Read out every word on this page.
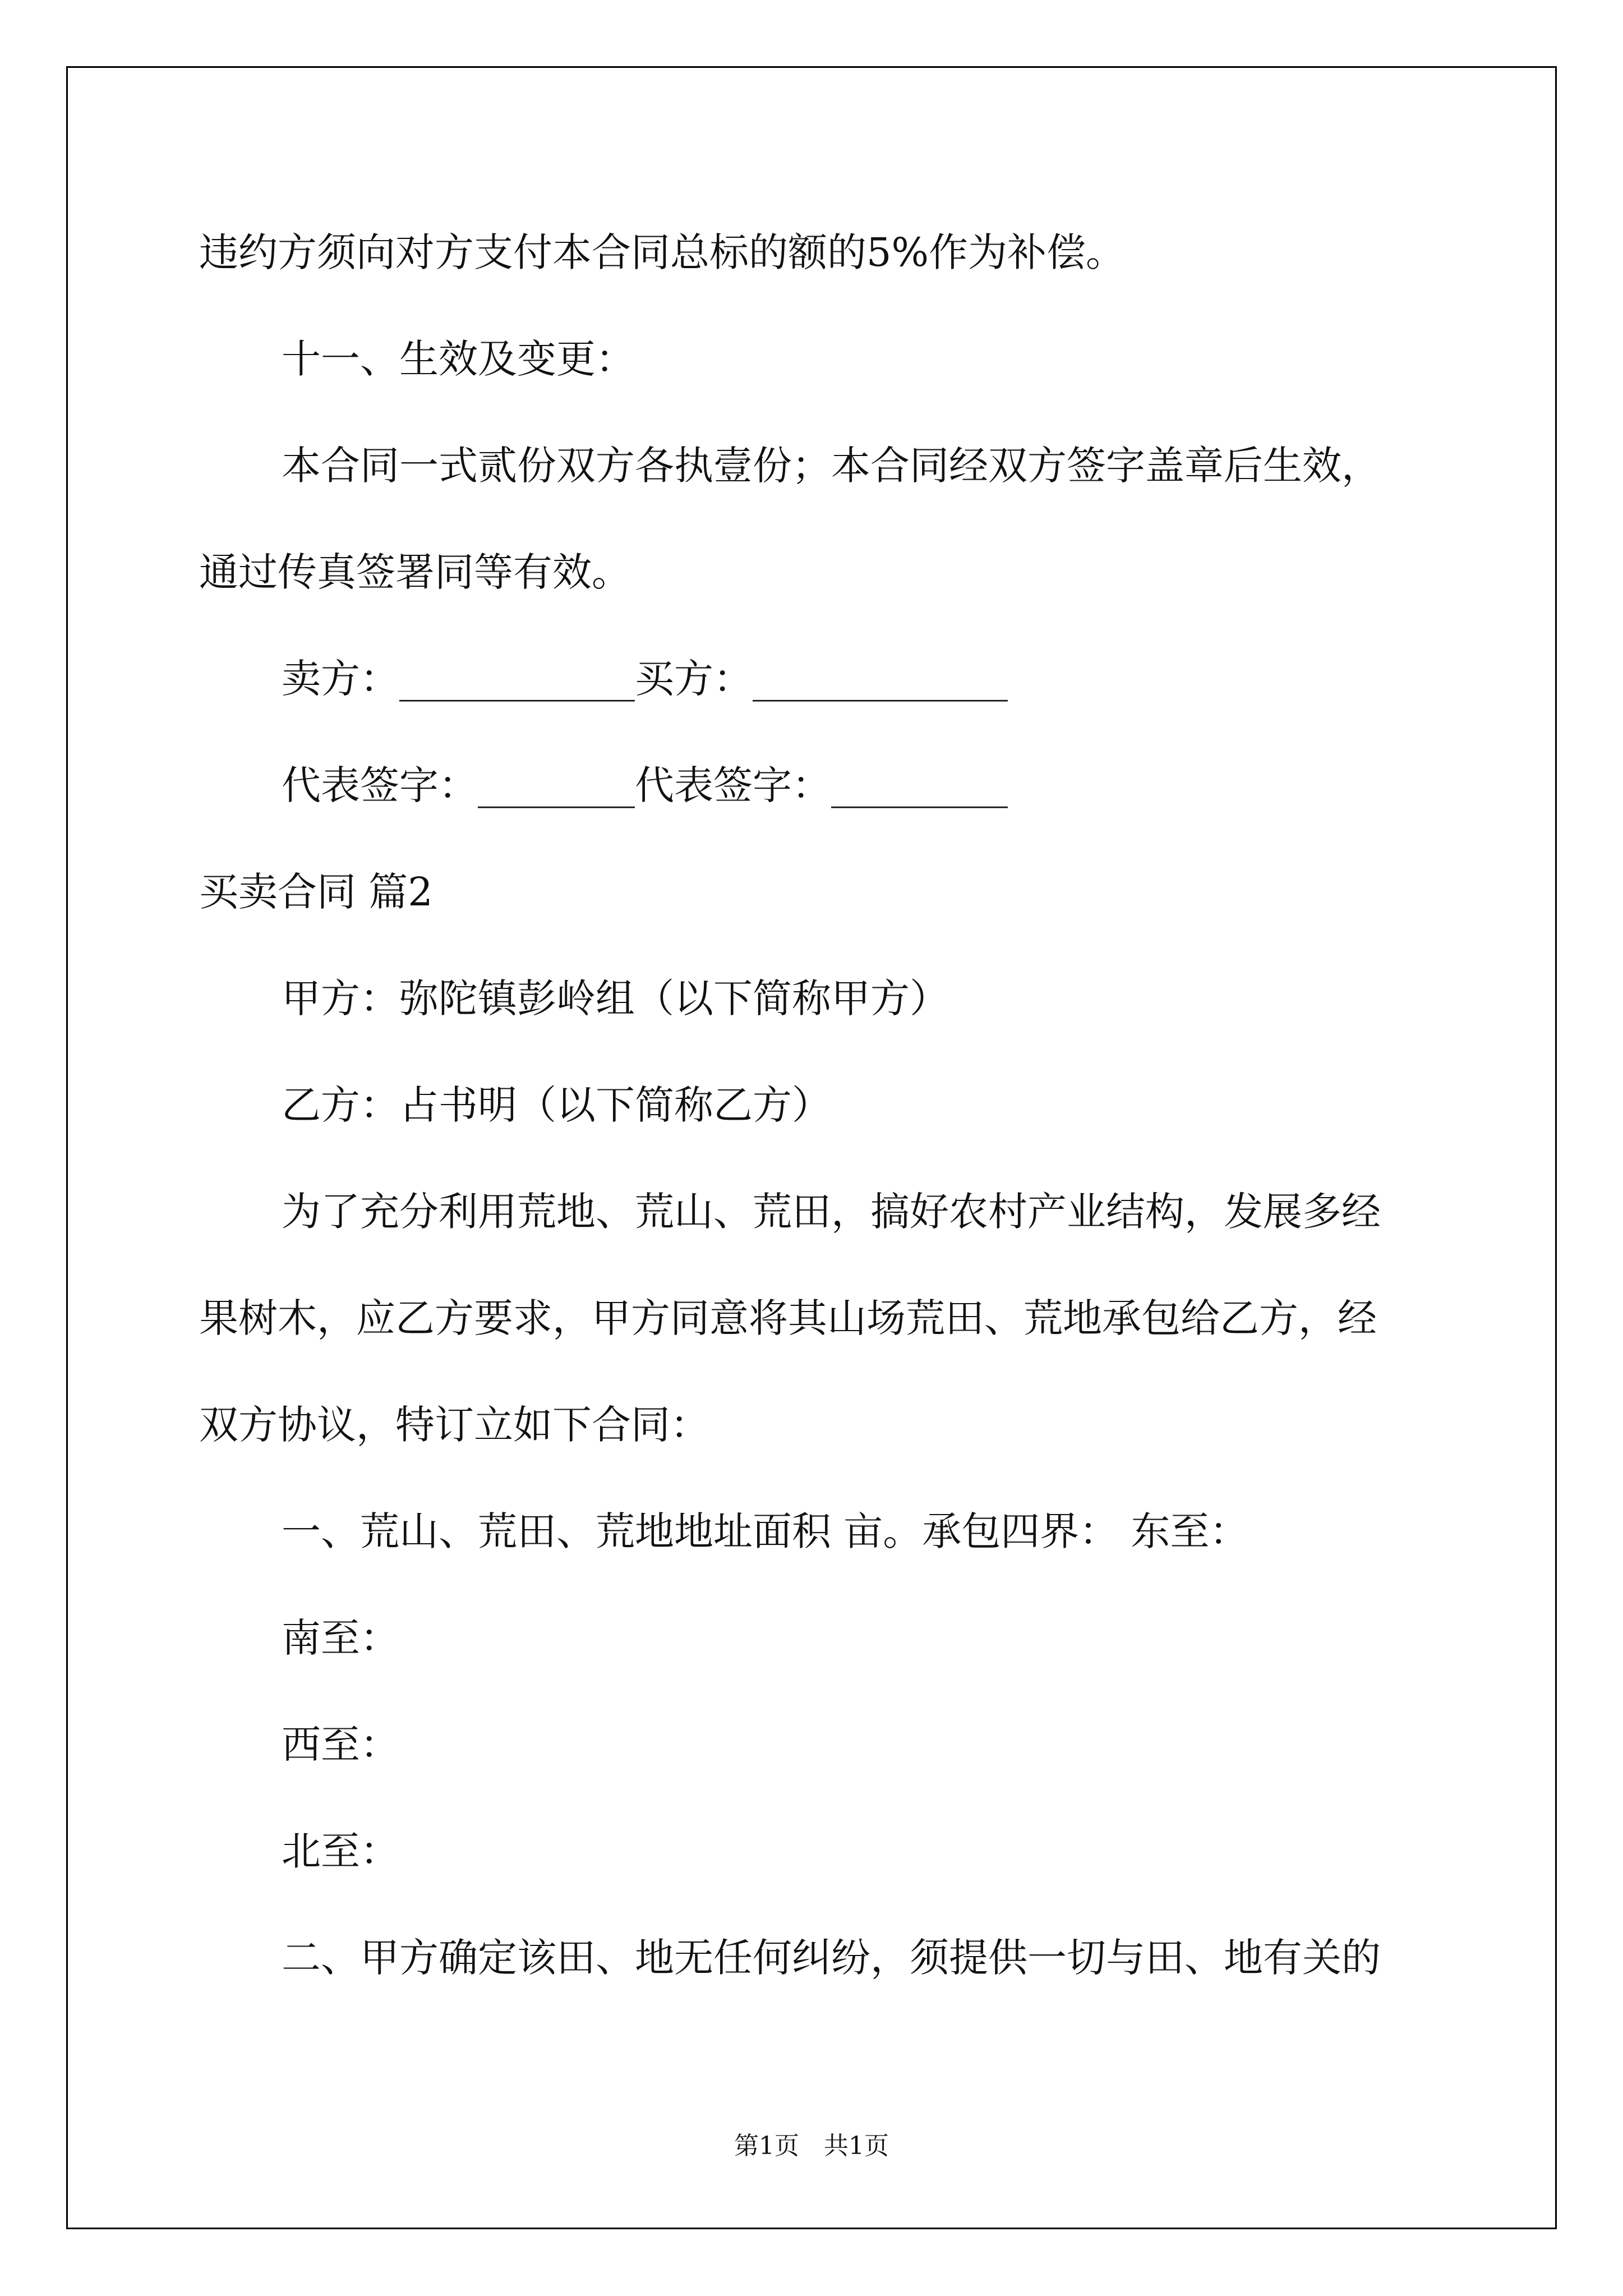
违约方须向对方支付本合同总标的额的5%作为补偿。
十一、生效及变更：
本合同一式贰份双方各执壹份；本合同经双方签字盖章后生效，
通过传真签署同等有效。
卖方：____________买方：_____________
代表签字：________代表签字：_________
买卖合同 篇2
甲方：弥陀镇彭岭组（以下简称甲方）
乙方：占书明（以下简称乙方）
为了充分利用荒地、荒山、荒田，搞好农村产业结构，发展多经
果树木，应乙方要求，甲方同意将其山场荒田、荒地承包给乙方，经
双方协议，特订立如下合同：
一、荒山、荒田、荒地地址面积 亩。承包四界： 东至：
南至：
西至：
北至：
二、甲方确定该田、地无任何纠纷，须提供一切与田、地有关的
第1页　共1页
